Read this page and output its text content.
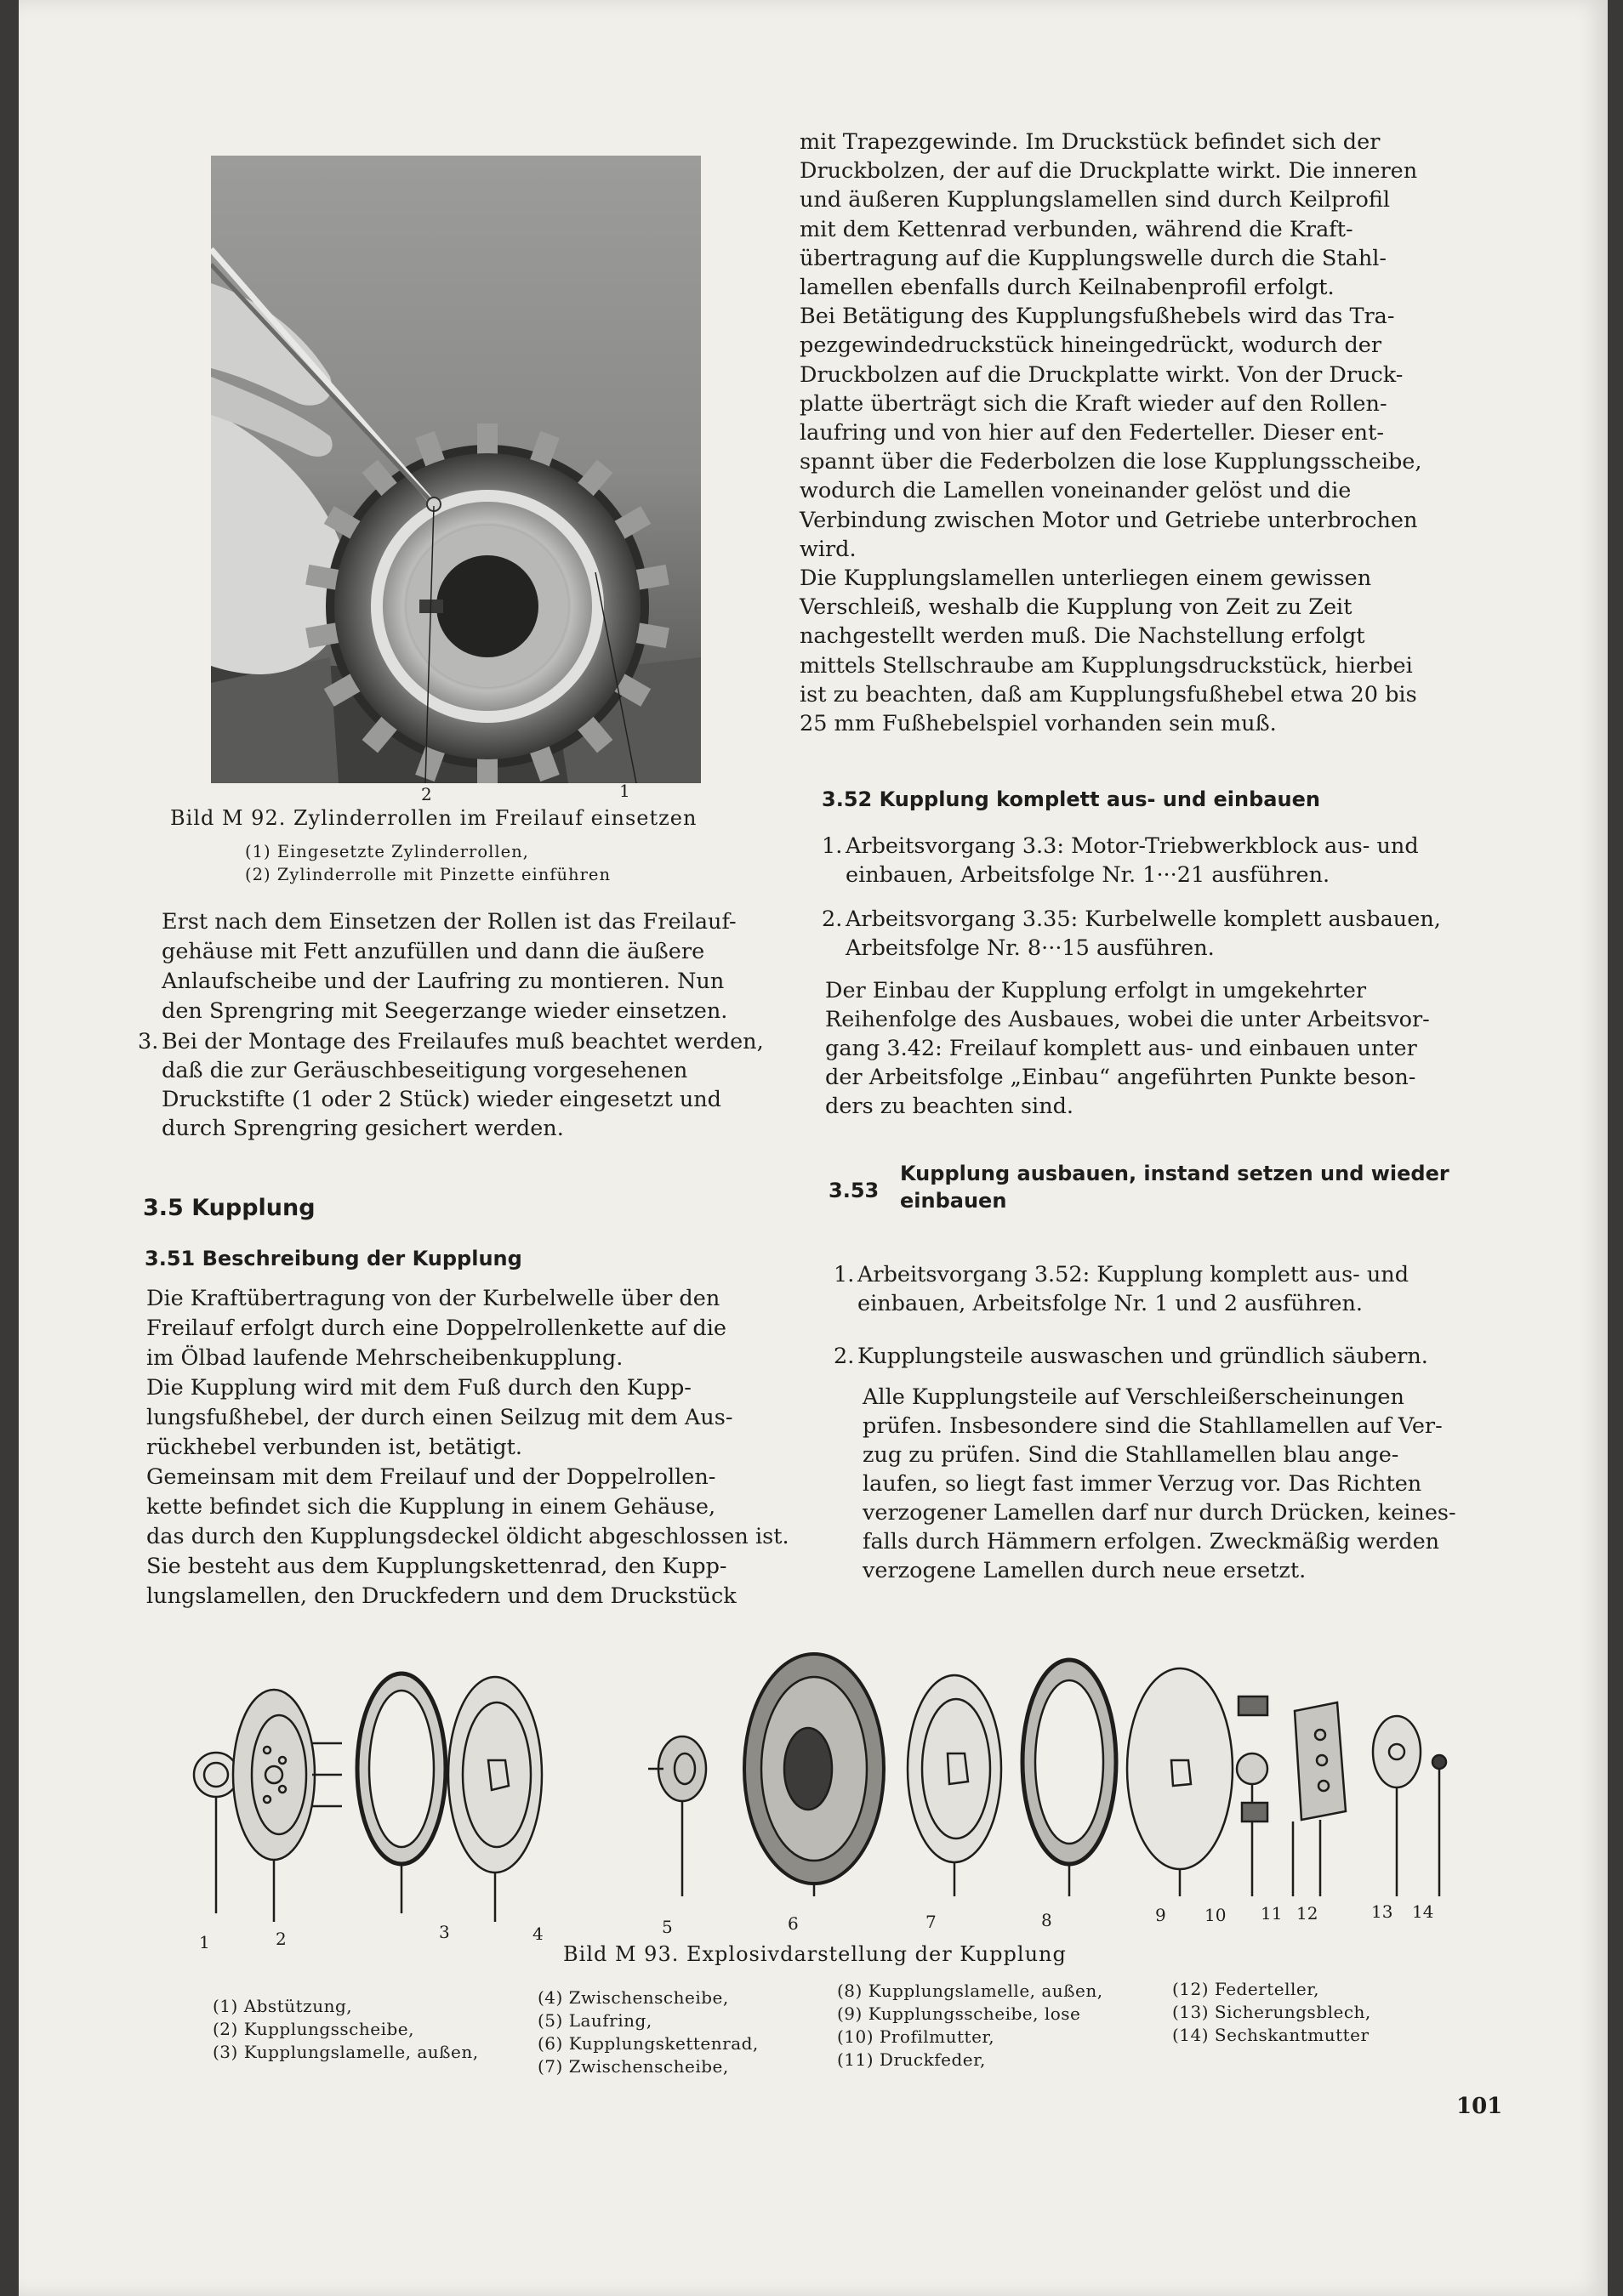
2	1
Bild M 92. Zylinderrollen im Freilauf einsetzen
(1) Eingesetzte Zylinderrollen,
(2) Zylinderrolle mit Pinzette einführen
Erst nach dem Einsetzen der Rollen ist das Freilauf-
gehäuse mit Fett anzufüllen und dann die äußere
Anlaufscheibe und der Laufring zu montieren. Nun
den Sprengring mit Seegerzange wieder einsetzen.
3. Bei der Montage des Freilaufes muß beachtet werden,
daß die zur Geräuschbeseitigung vorgesehenen
Druckstifte (1 oder 2 Stück) wieder eingesetzt und
durch Sprengring gesichert werden.
3.5 Kupplung
3.51 Beschreibung der Kupplung
Die Kraftübertragung von der Kurbelwelle über den
Freilauf erfolgt durch eine Doppelrollenkette auf die
im Ölbad laufende Mehrscheibenkupplung.
Die Kupplung wird mit dem Fuß durch den Kupp-
lungsfußhebel, der durch einen Seilzug mit dem Aus-
rückhebel verbunden ist, betätigt.
Gemeinsam mit dem Freilauf und der Doppelrollen-
kette befindet sich die Kupplung in einem Gehäuse,
das durch den Kupplungsdeckel öldicht abgeschlossen ist.
Sie besteht aus dem Kupplungskettenrad, den Kupp-
lungslamellen, den Druckfedern und dem Druckstück
mit Trapezgewinde. Im Druckstück befindet sich der
Druckbolzen, der auf die Druckplatte wirkt. Die inneren
und äußeren Kupplungslamellen sind durch Keilprofil
mit dem Kettenrad verbunden, während die Kraft-
übertragung auf die Kupplungswelle durch die Stahl-
lamellen ebenfalls durch Keilnabenprofil erfolgt.
Bei Betätigung des Kupplungsfußhebels wird das Tra-
pezgewindedruckstück hineingedrückt, wodurch der
Druckbolzen auf die Druckplatte wirkt. Von der Druck-
platte überträgt sich die Kraft wieder auf den Rollen-
laufring und von hier auf den Federteller. Dieser ent-
spannt über die Federbolzen die lose Kupplungsscheibe,
wodurch die Lamellen voneinander gelöst und die
Verbindung zwischen Motor und Getriebe unterbrochen
wird.
Die Kupplungslamellen unterliegen einem gewissen
Verschleiß, weshalb die Kupplung von Zeit zu Zeit
nachgestellt werden muß. Die Nachstellung erfolgt
mittels Stellschraube am Kupplungsdruckstück, hierbei
ist zu beachten, daß am Kupplungsfußhebel etwa 20 bis
25 mm Fußhebelspiel vorhanden sein muß.
3.52 Kupplung komplett aus- und einbauen
1. Arbeitsvorgang 3.3: Motor-Triebwerkblock aus- und
einbauen, Arbeitsfolge Nr. 1···21 ausführen.
2. Arbeitsvorgang 3.35: Kurbelwelle komplett ausbauen,
Arbeitsfolge Nr. 8···15 ausführen.
Der Einbau der Kupplung erfolgt in umgekehrter
Reihenfolge des Ausbaues, wobei die unter Arbeitsvor-
gang 3.42: Freilauf komplett aus- und einbauen unter
der Arbeitsfolge „Einbau“ angeführten Punkte beson-
ders zu beachten sind.
3.53
Kupplung ausbauen, instand setzen und wieder
einbauen
1. Arbeitsvorgang 3.52: Kupplung komplett aus- und
einbauen, Arbeitsfolge Nr. 1 und 2 ausführen.
2. Kupplungsteile auswaschen und gründlich säubern.
Alle Kupplungsteile auf Verschleißerscheinungen
prüfen. Insbesondere sind die Stahllamellen auf Ver-
zug zu prüfen. Sind die Stahllamellen blau ange-
laufen, so liegt fast immer Verzug vor. Das Richten
verzogener Lamellen darf nur durch Drücken, keines-
falls durch Hämmern erfolgen. Zweckmäßig werden
verzogene Lamellen durch neue ersetzt.
1	2	3	4	5	6	7	8	9 10 11 12	13 14
Bild M 93. Explosivdarstellung der Kupplung
(1) Abstützung,
(2) Kupplungsscheibe,
(3) Kupplungslamelle, außen,
(4) Zwischenscheibe,
(5) Laufring,
(6) Kupplungskettenrad,
(7) Zwischenscheibe,
(8) Kupplungslamelle, außen,
(9) Kupplungsscheibe, lose
(10) Profilmutter,
(11) Druckfeder,
(12) Federteller,
(13) Sicherungsblech,
(14) Sechskantmutter
101
